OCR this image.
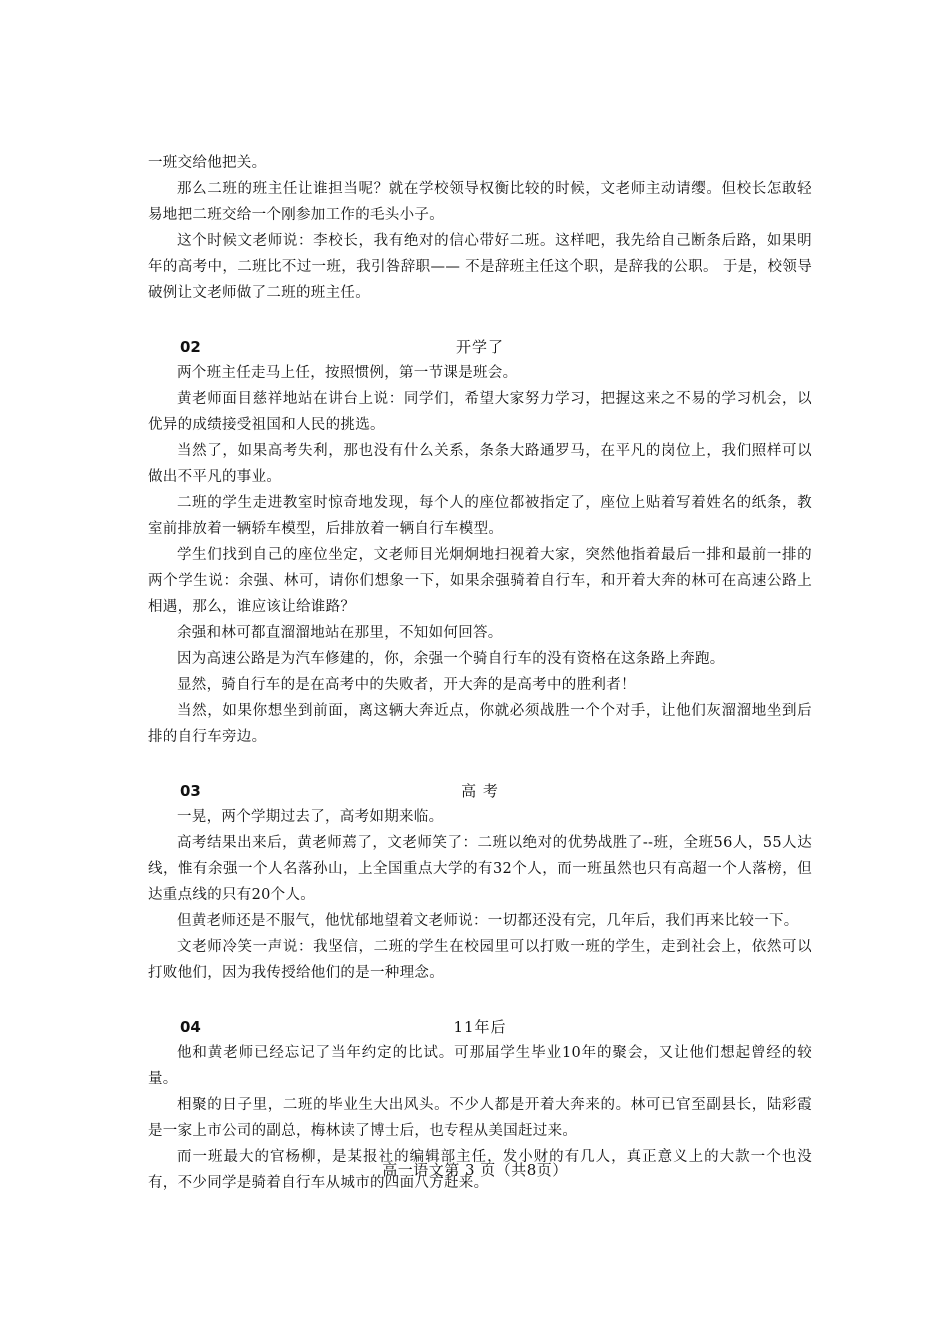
一班交给他把关。

那么二班的班主任让谁担当呢？就在学校领导权衡比较的时候，文老师主动请缨。但校长怎敢轻易地把二班交给一个刚参加工作的毛头小子。

这个时候文老师说：李校长，我有绝对的信心带好二班。这样吧，我先给自己断条后路，如果明年的高考中，二班比不过一班，我引咎辞职—— 不是辞班主任这个职，是辞我的公职。 于是，校领导破例让文老师做了二班的班主任。

02	开学了

两个班主任走马上任，按照惯例，第一节课是班会。

黄老师面目慈祥地站在讲台上说：同学们，希望大家努力学习，把握这来之不易的学习机会，以优异的成绩接受祖国和人民的挑选。

当然了，如果高考失利，那也没有什么关系，条条大路通罗马，在平凡的岗位上，我们照样可以做出不平凡的事业。

二班的学生走进教室时惊奇地发现，每个人的座位都被指定了，座位上贴着写着姓名的纸条，教室前排放着一辆轿车模型，后排放着一辆自行车模型。

学生们找到自己的座位坐定，文老师目光炯炯地扫视着大家，突然他指着最后一排和最前一排的两个学生说：余强、林可，请你们想象一下，如果余强骑着自行车，和开着大奔的林可在高速公路上相遇，那么，谁应该让给谁路？

余强和林可都直溜溜地站在那里，不知如何回答。

因为高速公路是为汽车修建的，你，余强一个骑自行车的没有资格在这条路上奔跑。

显然，骑自行车的是在高考中的失败者，开大奔的是高考中的胜利者！

当然，如果你想坐到前面，离这辆大奔近点，你就必须战胜一个个对手，让他们灰溜溜地坐到后排的自行车旁边。

03	高 考

一晃，两个学期过去了，高考如期来临。

高考结果出来后，黄老师蔫了，文老师笑了：二班以绝对的优势战胜了--班，全班56人，55人达线，惟有余强一个人名落孙山，上全国重点大学的有32个人，而一班虽然也只有高超一个人落榜，但达重点线的只有20个人。

但黄老师还是不服气，他忧郁地望着文老师说：一切都还没有完，几年后，我们再来比较一下。

文老师冷笑一声说：我坚信，二班的学生在校园里可以打败一班的学生，走到社会上，依然可以打败他们，因为我传授给他们的是一种理念。

04	11年后

他和黄老师已经忘记了当年约定的比试。可那届学生毕业10年的聚会，又让他们想起曾经的较量。

相聚的日子里，二班的毕业生大出风头。不少人都是开着大奔来的。林可已官至副县长，陆彩霞是一家上市公司的副总，梅林读了博士后，也专程从美国赶过来。

而一班最大的官杨柳，是某报社的编辑部主任，发小财的有几人，真正意义上的大款一个也没有，不少同学是骑着自行车从城市的四面八方赶来。

高一语文第 3 页（共8页）
